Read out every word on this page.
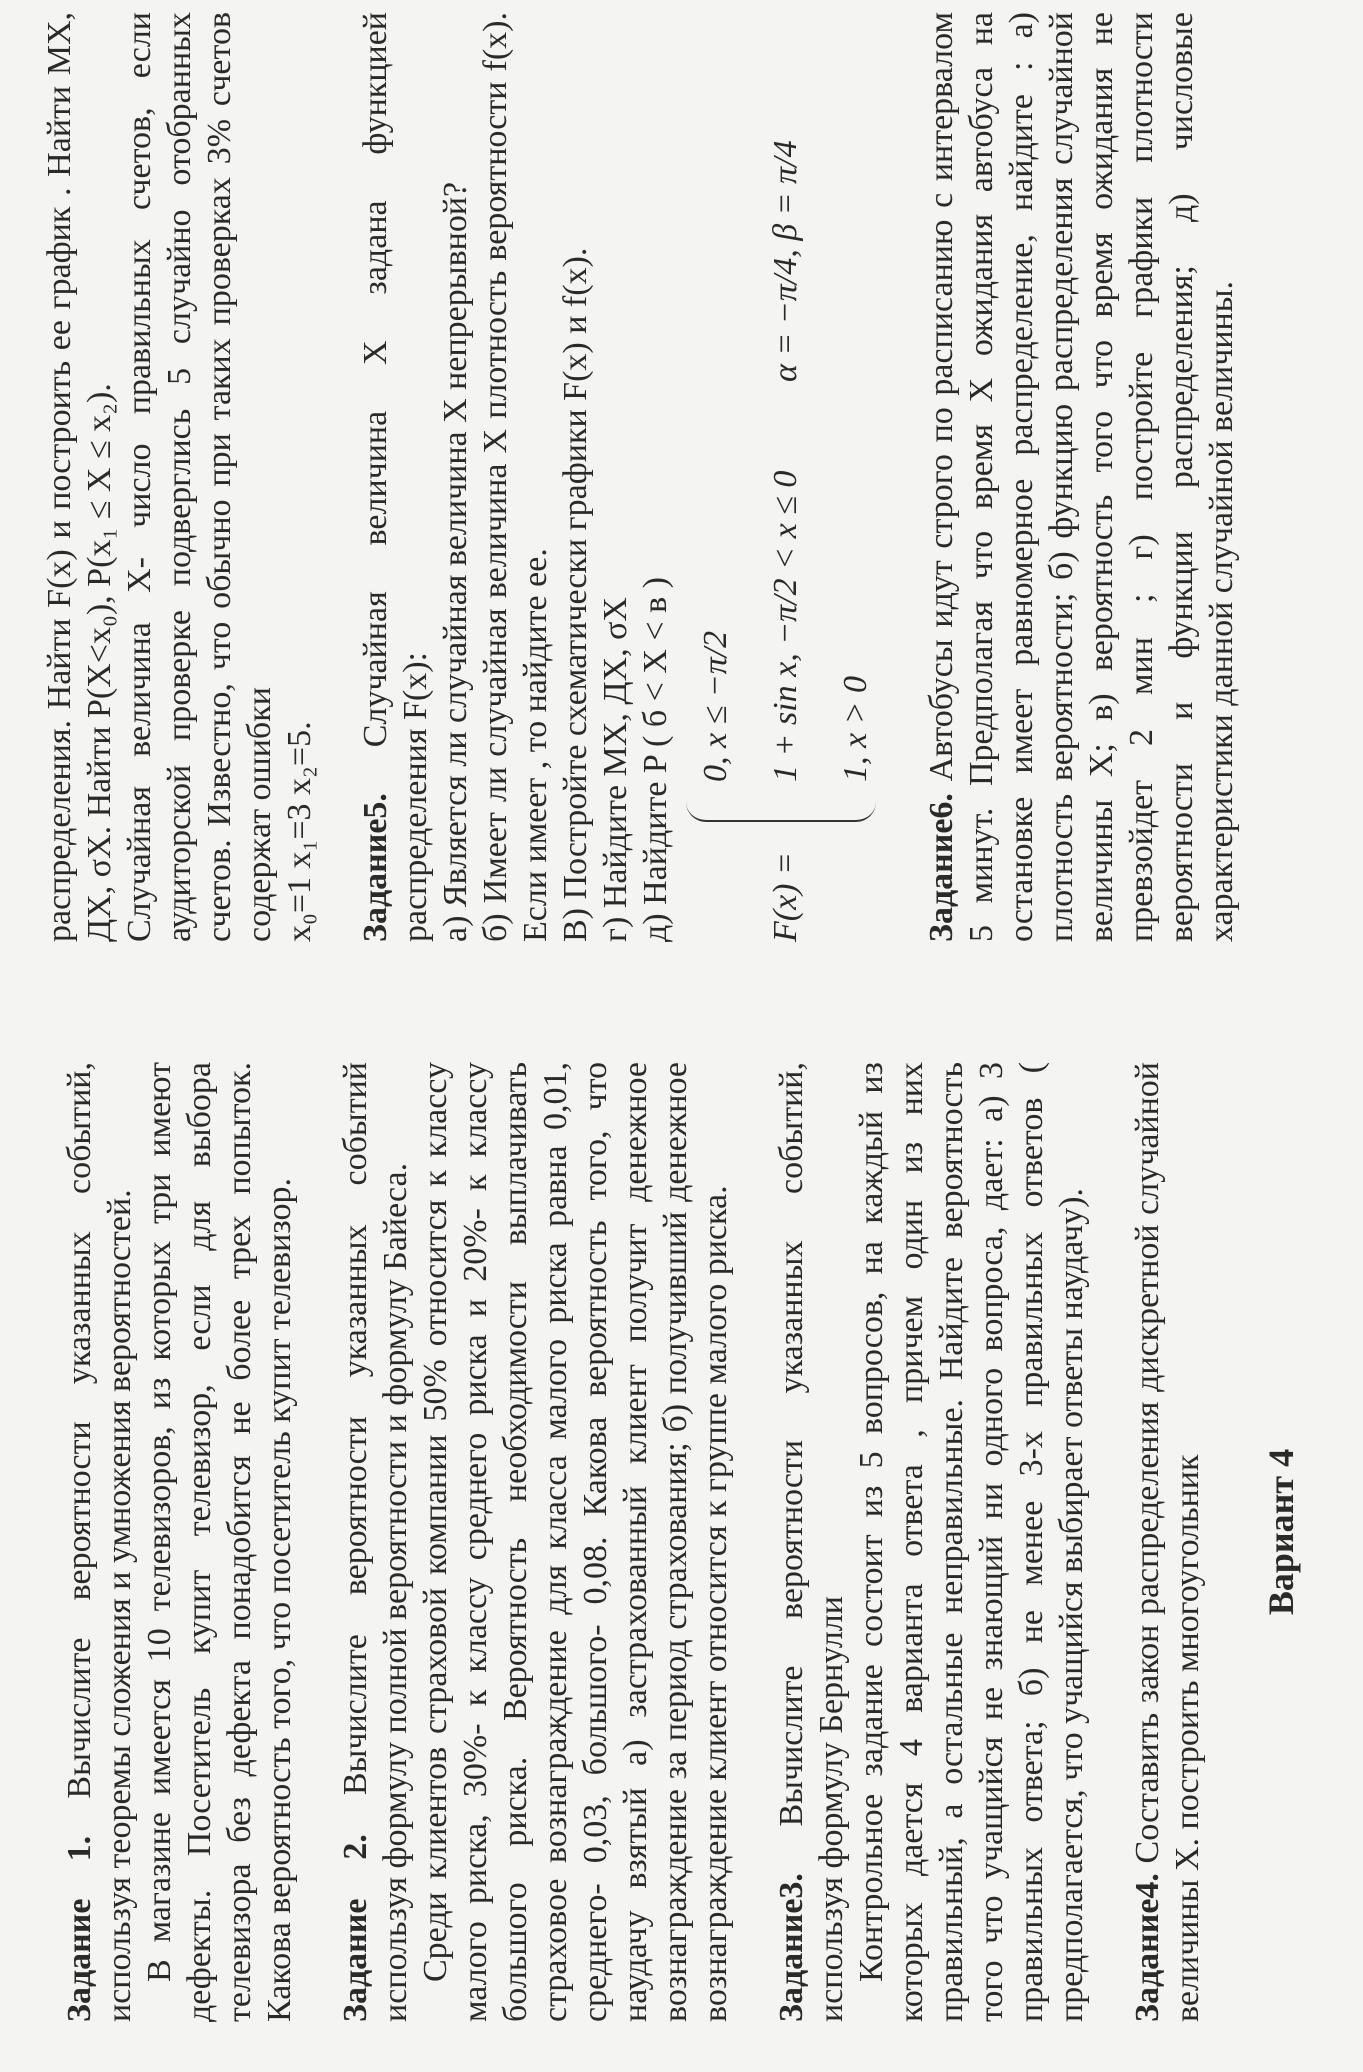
Задание 1. Вычислите вероятности указанных событий, используя теоремы сложения и умножения вероятностей. В магазине имеется 10 телевизоров, из которых три имеют дефекты. Посетитель купит телевизор, если для выбора телевизора без дефекта понадобится не более трех попыток. Какова вероятность того, что посетитель купит телевизор. Задание 2. Вычислите вероятности указанных событий используя формулу полной вероятности и формулу Байеса. Среди клиентов страховой компании 50% относится к классу малого риска, 30%- к классу среднего риска и 20%- к классу большого риска. Вероятность необходимости выплачивать страховое вознаграждение для класса малого риска равна 0,01, среднего- 0,03, большого- 0,08. Какова вероятность того, что наудачу взятый а) застрахованный клиент получит денежное вознаграждение за период страхования; б) получивший денежное вознаграждение клиент относится к группе малого риска. Задание3. Вычислите вероятности указанных событий, используя формулу Бернулли Контрольное задание состоит из 5 вопросов, на каждый из которых дается 4 варианта ответа , причем один из них правильный, а остальные неправильные. Найдите вероятность того что учащийся не знающий ни одного вопроса, дает: а) 3 правильных ответа; б) не менее 3-х правильных ответов ( предполагается, что учащийся выбирает ответы наудачу). Задание4. Составить закон распределения дискретной случайной величины Х. построить многоугольник Вариант 4

распределения. Найти F(x) и построить ее график . Найти МХ, ДХ, σХ. Найти P(X<x₀), P(x₁ ≤ X ≤ x₂). Случайная величина Х- число правильных счетов, если аудиторской проверке подверглись 5 случайно отобранных счетов. Известно, что обычно при таких проверках 3% счетов содержат ошибки x₀=1 x₁=3 x₂=5. Задание5. Случайная величина Х задана функцией распределения F(x): а) Является ли случайная величина Х непрерывной? б) Имеет ли случайная величина Х плотность вероятности f(x). Если имеет , то найдите ее. В) Постройте схематически графики F(x) и f(x). г) Найдите МХ, ДХ, σХ д) Найдите P ( б < X < в )	F(x) =
0, x ≤ −π/2 1 + sin x, −π/2 < x ≤ 0 1, x > 0
α = −π/4, β = π/4

Задание6. Автобусы идут строго по расписанию с интервалом 5 минут. Предполагая что время Х ожидания автобуса на остановке имеет равномерное распределение, найдите : а) плотность вероятности; б) функцию распределения случайной величины Х; в) вероятность того что время ожидания не превзойдет 2 мин ; г) постройте графики плотности вероятности и функции распределения; д) числовые характеристики данной случайной величины.
